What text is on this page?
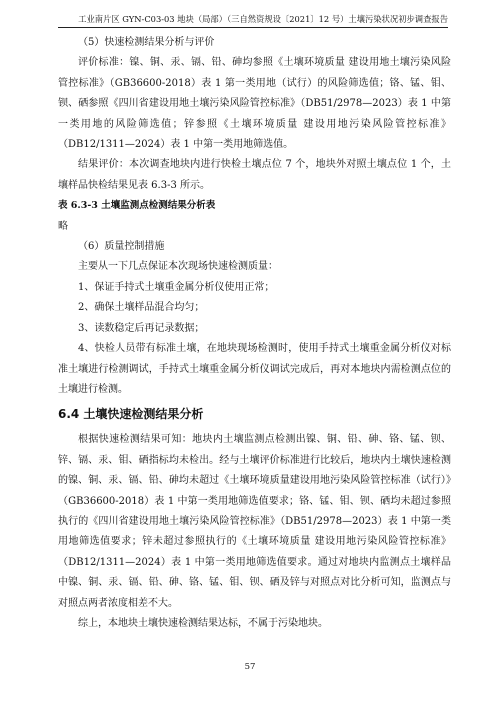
工业南片区 GYN-C03-03 地块（局部）（三自然资规设〔2021〕12 号）土壤污染状况初步调查报告

（5）快速检测结果分析与评价

评价标准：镍、铜、汞、镉、铅、砷均参照《土壤环境质量 建设用地土壤污染风险管控标准》（GB36600-2018）表 1 第一类用地（试行）的风险筛选值；铬、锰、钼、钡、硒参照《四川省建设用地土壤污染风险管控标准》（DB51/2978—2023）表 1 中第一类用地的风险筛选值；锌参照《土壤环境质量 建设用地污染风险管控标准》（DB12/1311—2024）表 1 中第一类用地筛选值。

结果评价：本次调查地块内进行快检土壤点位 7 个，地块外对照土壤点位 1 个，土壤样品快检结果见表 6.3-3 所示。

表 6.3-3 土壤监测点检测结果分析表

略

（6）质量控制措施

主要从一下几点保证本次现场快速检测质量：

1、保证手持式土壤重金属分析仪使用正常；

2、确保土壤样品混合均匀；

3、读数稳定后再记录数据；

4、快检人员带有标准土壤，在地块现场检测时，使用手持式土壤重金属分析仪对标准土壤进行检测调试，手持式土壤重金属分析仪调试完成后，再对本地块内需检测点位的土壤进行检测。

6.4 土壤快速检测结果分析

根据快速检测结果可知：地块内土壤监测点检测出镍、铜、铅、砷、铬、锰、钡、锌、镉、汞、钼、硒指标均未检出。经与土壤评价标准进行比较后，地块内土壤快速检测的镍、铜、汞、镉、铅、砷均未超过《土壤环境质量建设用地污染风险管控标准（试行）》（GB36600-2018）表 1 中第一类用地筛选值要求；铬、锰、钼、钡、硒均未超过参照执行的《四川省建设用地土壤污染风险管控标准》（DB51/2978—2023）表 1 中第一类用地筛选值要求；锌未超过参照执行的《土壤环境质量 建设用地污染风险管控标准》（DB12/1311—2024）表 1 中第一类用地筛选值要求。通过对地块内监测点土壤样品中镍、铜、汞、镉、铅、砷、铬、锰、钼、钡、硒及锌与对照点对比分析可知，监测点与对照点两者浓度相差不大。

综上，本地块土壤快速检测结果达标，不属于污染地块。

57
